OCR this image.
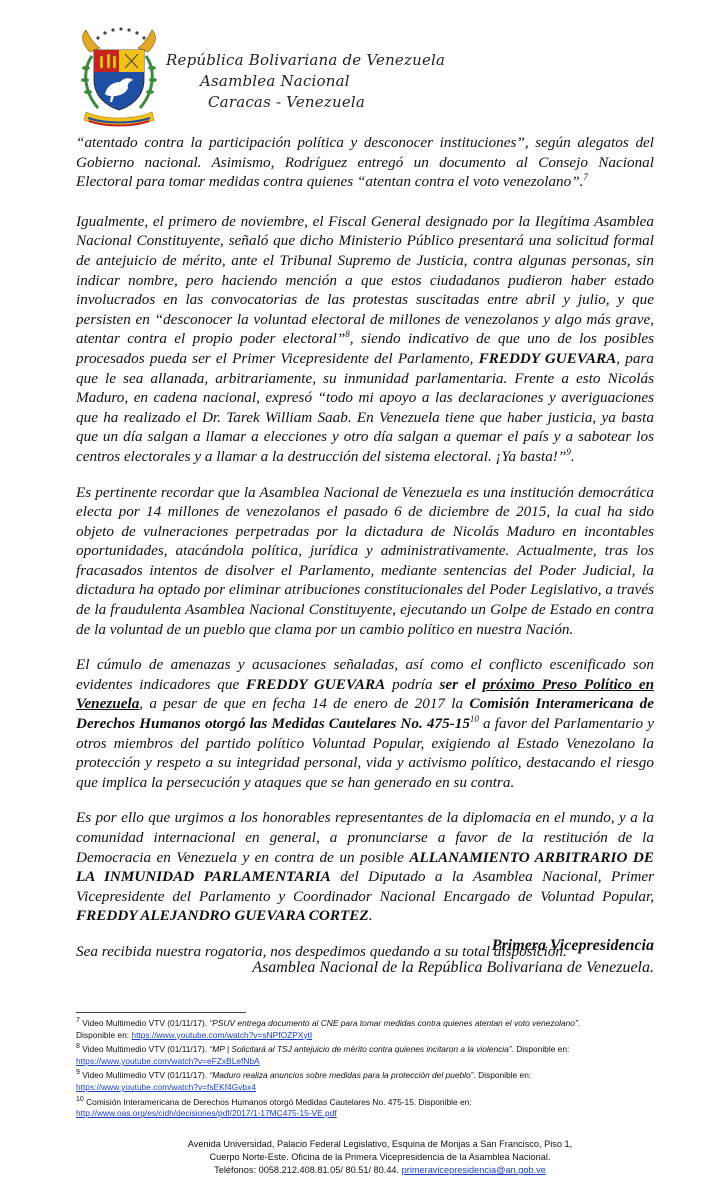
República Bolivariana de Venezuela
Asamblea Nacional
Caracas - Venezuela

“atentado contra la participación política y desconocer instituciones”, según alegatos del Gobierno nacional. Asimismo, Rodríguez entregó un documento al Consejo Nacional Electoral para tomar medidas contra quienes “atentan contra el voto venezolano”.$^7$

Igualmente, el primero de noviembre, el Fiscal General designado por la Ilegítima Asamblea Nacional Constituyente, señaló que dicho Ministerio Público presentará una solicitud formal de antejuicio de mérito, ante el Tribunal Supremo de Justicia, contra algunas personas, sin indicar nombre, pero haciendo mención a que estos ciudadanos pudieron haber estado involucrados en las convocatorias de las protestas suscitadas entre abril y julio, y que persisten en “desconocer la voluntad electoral de millones de venezolanos y algo más grave, atentar contra el propio poder electoral”$^8$, siendo indicativo de que uno de los posibles procesados pueda ser el Primer Vicepresidente del Parlamento, FREDDY GUEVARA, para que le sea allanada, arbitrariamente, su inmunidad parlamentaria. Frente a esto Nicolás Maduro, en cadena nacional, expresó “todo mi apoyo a las declaraciones y averiguaciones que ha realizado el Dr. Tarek William Saab. En Venezuela tiene que haber justicia, ya basta que un día salgan a llamar a elecciones y otro día salgan a quemar el país y a sabotear los centros electorales y a llamar a la destrucción del sistema electoral. ¡Ya basta!”$^9$.

Es pertinente recordar que la Asamblea Nacional de Venezuela es una institución democrática electa por 14 millones de venezolanos el pasado 6 de diciembre de 2015, la cual ha sido objeto de vulneraciones perpetradas por la dictadura de Nicolás Maduro en incontables oportunidades, atacándola política, jurídica y administrativamente. Actualmente, tras los fracasados intentos de disolver el Parlamento, mediante sentencias del Poder Judicial, la dictadura ha optado por eliminar atribuciones constitucionales del Poder Legislativo, a través de la fraudulenta Asamblea Nacional Constituyente, ejecutando un Golpe de Estado en contra de la voluntad de un pueblo que clama por un cambio político en nuestra Nación.

El cúmulo de amenazas y acusaciones señaladas, así como el conflicto escenificado son evidentes indicadores que FREDDY GUEVARA podría ser el próximo Preso Político en Venezuela, a pesar de que en fecha 14 de enero de 2017 la Comisión Interamericana de Derechos Humanos otorgó las Medidas Cautelares No. $475-15^{10}$ a favor del Parlamentario y otros miembros del partido político Voluntad Popular, exigiendo al Estado Venezolano la protección y respeto a su integridad personal, vida y activismo político, destacando el riesgo que implica la persecución y ataques que se han generado en su contra.

Es por ello que urgimos a los honorables representantes de la diplomacia en el mundo, y a la comunidad internacional en general, a pronunciarse a favor de la restitución de la Democracia en Venezuela y en contra de un posible ALLANAMIENTO ARBITRARIO DE LA INMUNIDAD PARLAMENTARIA del Diputado a la Asamblea Nacional, Primer Vicepresidente del Parlamento y Coordinador Nacional Encargado de Voluntad Popular, FREDDY ALEJANDRO GUEVARA CORTEZ.

Sea recibida nuestra rogatoria, nos despedimos quedando a su total disposición.

Primera Vicepresidencia
Asamblea Nacional de la República Bolivariana de Venezuela.
$^7$ Video Multimedio VTV (01/11/17). “PSUV entrega documento al CNE para tomar medidas contra quienes atentan el voto venezolano”.
Disponible en: https://www.youtube.com/watch?v=sNPfOZPXytI
$^8$ Video Multimedio VTV (01/11/17). “MP | Solicitará al TSJ antejuicio de mérito contra quienes incitaron a la violencia”. Disponible en:
https://www.youtube.com/watch?v=eFZxBLefNbA
$^9$ Video Multimedio VTV (01/11/17). “Maduro realiza anuncios sobre medidas para la protección del pueblo”. Disponible en:
https://www.youtube.com/watch?v=fsEKf4Gvbx4
$^{10}$ Comisión Interamericana de Derechos Humanos otorgó Medidas Cautelares No. 475-15. Disponible en:
http://www.oas.org/es/cidh/decisiones/pdf/2017/1-17MC475-15-VE.pdf
Avenida Universidad, Palacio Federal Legislativo, Esquina de Monjas a San Francisco, Piso 1,
Cuerpo Norte-Este. Oficina de la Primera Vicepresidencia de la Asamblea Nacional.
Teléfonos: 0058.212.408.81.05/ 80.51/ 80.44. primeravicepresidencia@an.gob.ve
